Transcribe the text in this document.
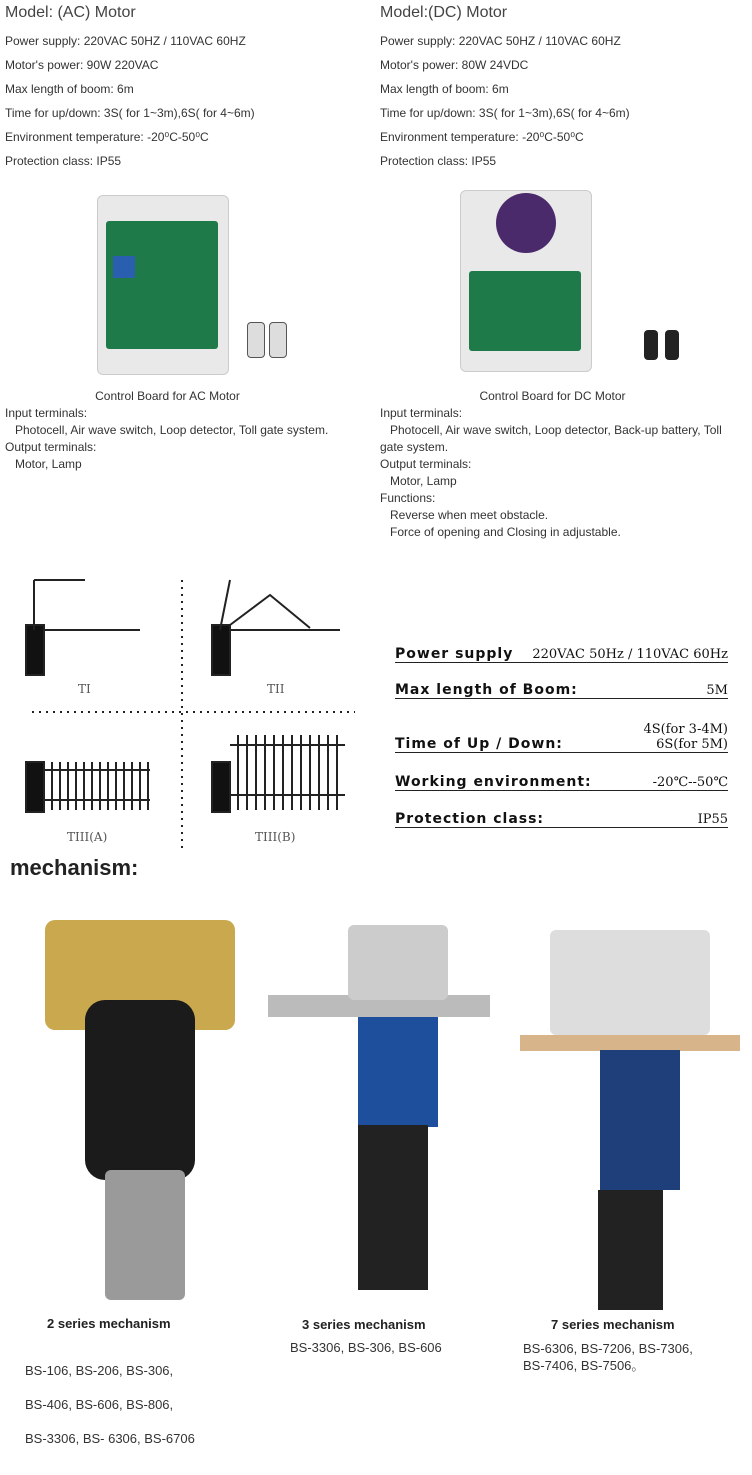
Model: (AC) Motor
Power supply: 220VAC 50HZ / 110VAC 60HZ
Motor's power: 90W 220VAC
Max length of boom: 6m
Time for up/down: 3S( for 1~3m),6S( for 4~6m)
Environment temperature: -20⁰C-50⁰C
Protection class: IP55
Model:(DC) Motor
Power supply: 220VAC 50HZ / 110VAC 60HZ
Motor's power: 80W 24VDC
Max length of boom: 6m
Time for up/down: 3S( for 1~3m),6S( for 4~6m)
Environment temperature: -20⁰C-50⁰C
Protection class: IP55
Control Board for AC Motor
Input terminals:
Photocell, Air wave switch, Loop detector, Toll gate system.
Output terminals:
Motor, Lamp
Control Board for DC Motor
Input terminals:
Photocell, Air wave switch, Loop detector, Back-up battery, Toll gate system.
Output terminals:
Motor, Lamp
Functions:
Reverse when meet obstacle.
Force of opening and Closing in adjustable.
TI	TII
TIII(A)	TIII(B)
Power supply 220VAC 50Hz / 110VAC 60Hz
Max length of Boom:	5M
Time of Up / Down:
4S(for 3-4M)
6S(for 5M)
Working environment:	-20℃--50℃
Protection class:	IP55
mechanism:
2 series mechanism
BS-106, BS-206, BS-306,
BS-406, BS-606, BS-806,
BS-3306, BS- 6306, BS-6706
3 series mechanism
BS-3306, BS-306, BS-606
7 series mechanism
BS-6306, BS-7206, BS-7306,
BS-7406, BS-7506。
